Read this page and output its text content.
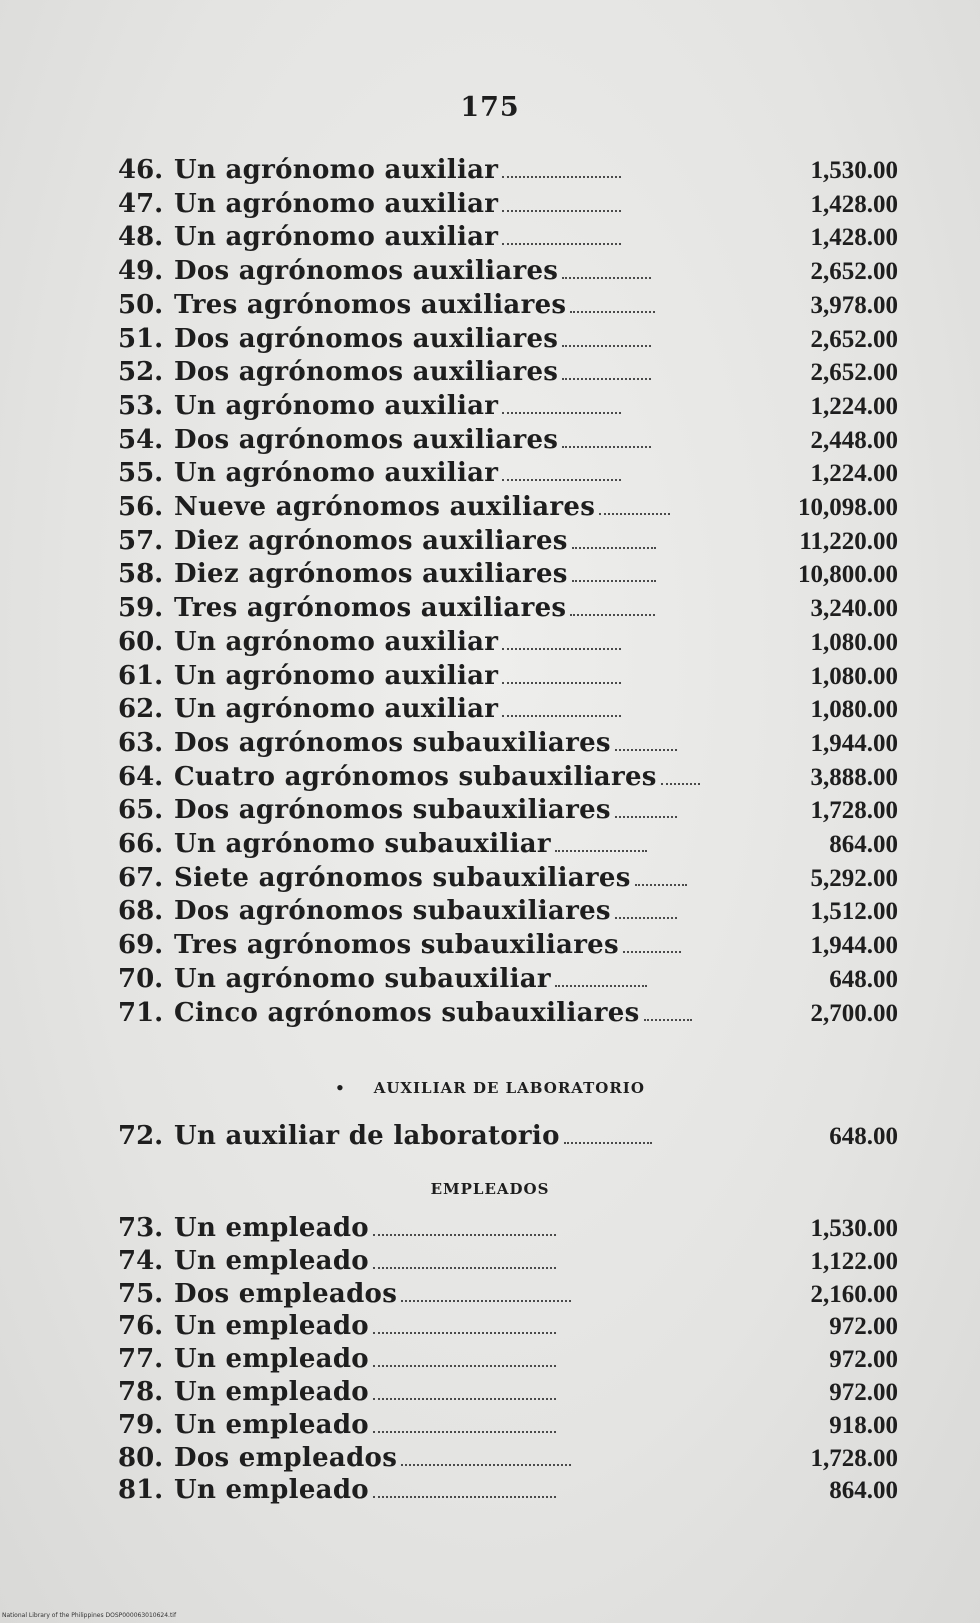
175
46. Un agrónomo auxiliar	1,530.00
47. Un agrónomo auxiliar	1,428.00
48. Un agrónomo auxiliar	1,428.00
49. Dos agrónomos auxiliares	2,652.00
50. Tres agrónomos auxiliares	3,978.00
51. Dos agrónomos auxiliares	2,652.00
52. Dos agrónomos auxiliares	2,652.00
53. Un agrónomo auxiliar	1,224.00
54. Dos agrónomos auxiliares	2,448.00
55. Un agrónomo auxiliar	1,224.00
56. Nueve agrónomos auxiliares	10,098.00
57. Diez agrónomos auxiliares	11,220.00
58. Diez agrónomos auxiliares	10,800.00
59. Tres agrónomos auxiliares	3,240.00
60. Un agrónomo auxiliar	1,080.00
61. Un agrónomo auxiliar	1,080.00
62. Un agrónomo auxiliar	1,080.00
63. Dos agrónomos subauxiliares	1,944.00
64. Cuatro agrónomos subauxiliares	3,888.00
65. Dos agrónomos subauxiliares	1,728.00
66. Un agrónomo subauxiliar	864.00
67. Siete agrónomos subauxiliares	5,292.00
68. Dos agrónomos subauxiliares	1,512.00
69. Tres agrónomos subauxiliares	1,944.00
70. Un agrónomo subauxiliar	648.00
71. Cinco agrónomos subauxiliares	2,700.00
• AUXILIAR DE LABORATORIO
72. Un auxiliar de laboratorio	648.00
EMPLEADOS
73. Un empleado	1,530.00
74. Un empleado	1,122.00
75. Dos empleados	2,160.00
76. Un empleado	972.00
77. Un empleado	972.00
78. Un empleado	972.00
79. Un empleado	918.00
80. Dos empleados	1,728.00
81. Un empleado	864.00
National Library of the Philippines DOSP000063010624.tif
